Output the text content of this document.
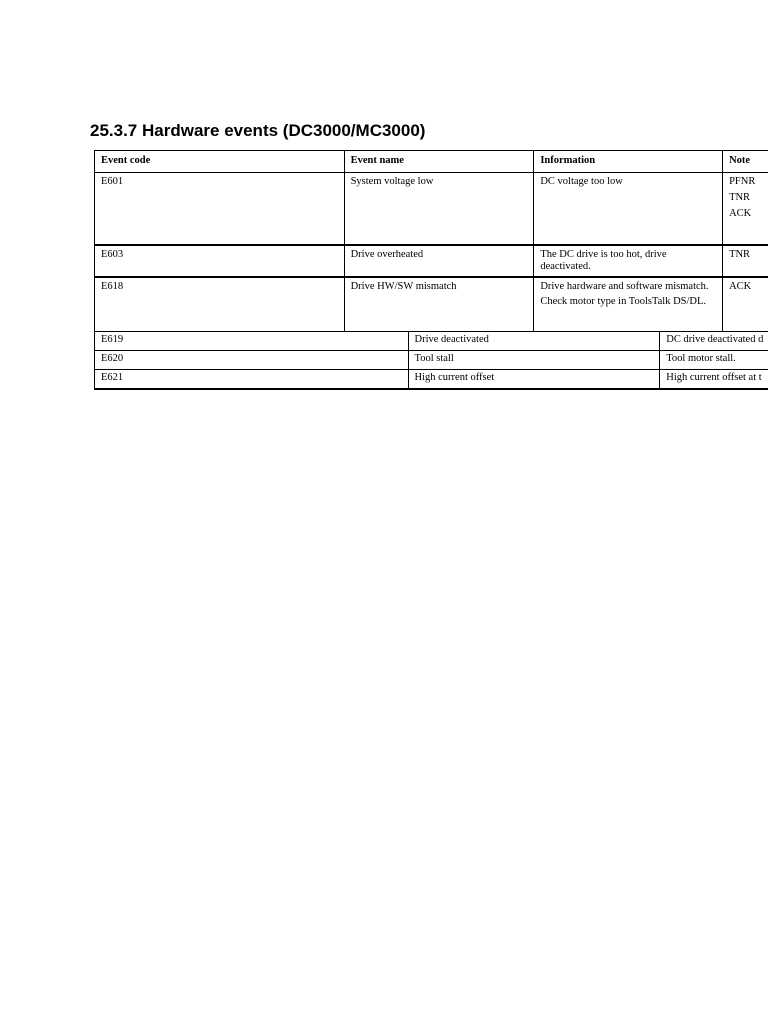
25.3.7 Hardware events (DC3000/MC3000)
Event code	Event name	Information	Note
E601	System voltage low	DC voltage too low	PFNR
TNR
ACK

E603	Drive overheated	The DC drive is too hot, drive deactivated.	TNR

E618	Drive HW/SW mismatch	Drive hardware and software mismatch.
Check motor type in ToolsTalk DS/DL.	ACK
E619	Drive deactivated	DC drive deactivated d
E620	Tool stall	Tool motor stall.
E621	High current offset	High current offset at t
